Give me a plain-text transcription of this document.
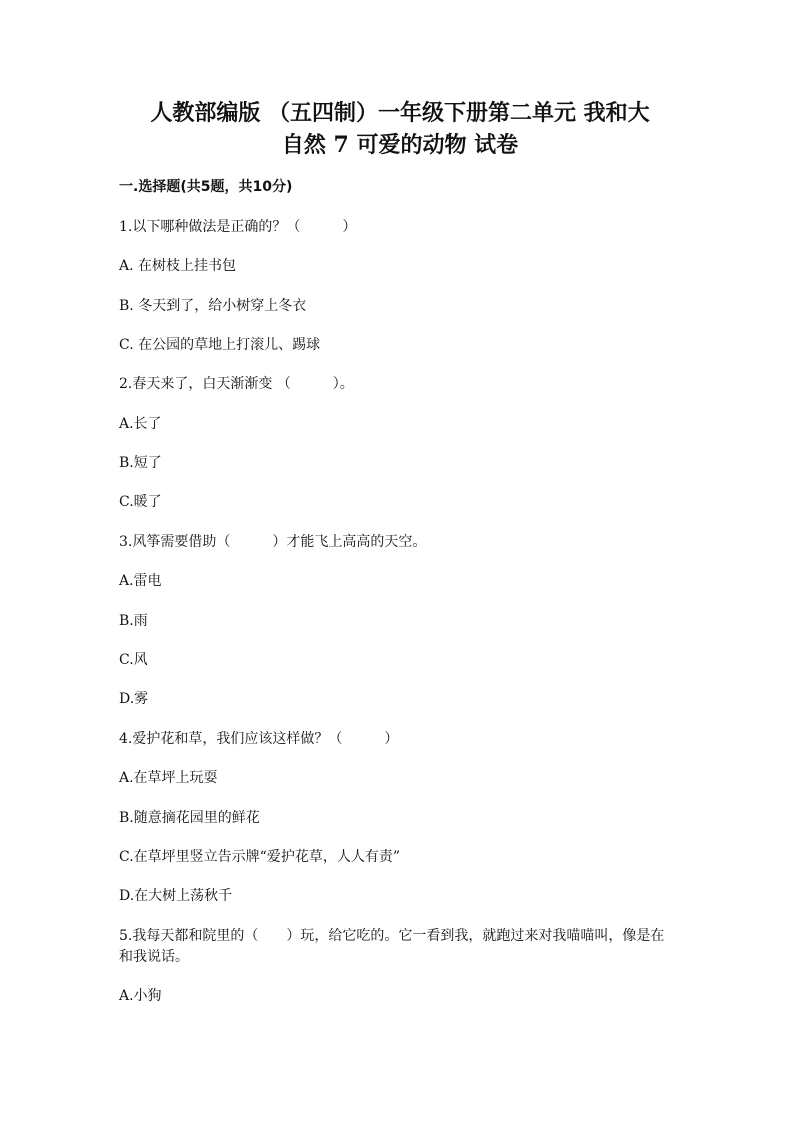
人教部编版 （五四制）一年级下册第二单元 我和大
自然 7 可爱的动物 试卷
一.选择题(共5题，共10分)
1.以下哪种做法是正确的？（　　　）
A. 在树枝上挂书包
B. 冬天到了，给小树穿上冬衣
C. 在公园的草地上打滚儿、踢球
2.春天来了，白天渐渐变 （　　　）。
A.长了
B.短了
C.暖了
3.风筝需要借助（　　　）才能飞上高高的天空。
A.雷电
B.雨
C.风
D.雾
4.爱护花和草，我们应该这样做？（　　　）
A.在草坪上玩耍
B.随意摘花园里的鲜花
C.在草坪里竖立告示牌“爱护花草，人人有责”
D.在大树上荡秋千
5.我每天都和院里的（　　）玩，给它吃的。它一看到我，就跑过来对我喵喵叫，像是在和我说话。
A.小狗
